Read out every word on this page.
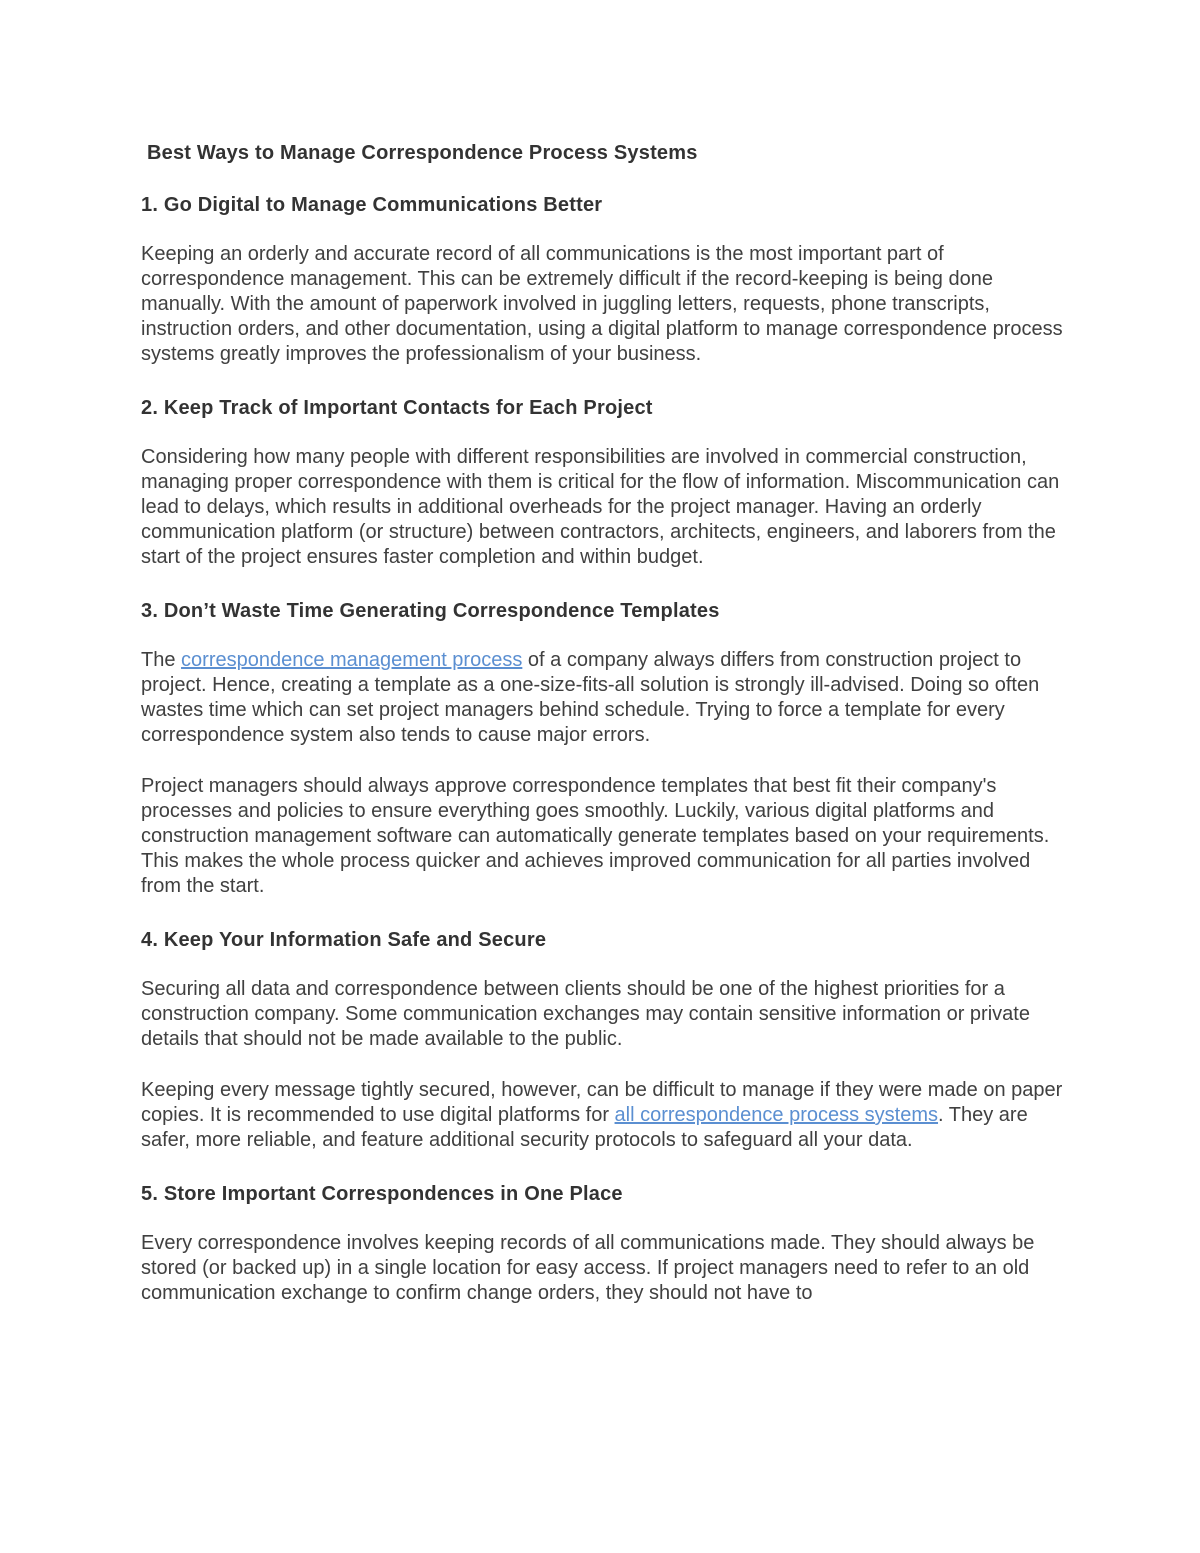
Best Ways to Manage Correspondence Process Systems
1. Go Digital to Manage Communications Better

Keeping an orderly and accurate record of all communications is the most important part of correspondence management. This can be extremely difficult if the record-keeping is being done manually. With the amount of paperwork involved in juggling letters, requests, phone transcripts, instruction orders, and other documentation, using a digital platform to manage correspondence process systems greatly improves the professionalism of your business.

2. Keep Track of Important Contacts for Each Project

Considering how many people with different responsibilities are involved in commercial construction, managing proper correspondence with them is critical for the flow of information. Miscommunication can lead to delays, which results in additional overheads for the project manager. Having an orderly communication platform (or structure) between contractors, architects, engineers, and laborers from the start of the project ensures faster completion and within budget.

3. Don’t Waste Time Generating Correspondence Templates

The correspondence management process of a company always differs from construction project to project. Hence, creating a template as a one-size-fits-all solution is strongly ill-advised. Doing so often wastes time which can set project managers behind schedule. Trying to force a template for every correspondence system also tends to cause major errors.

Project managers should always approve correspondence templates that best fit their company's processes and policies to ensure everything goes smoothly. Luckily, various digital platforms and construction management software can automatically generate templates based on your requirements. This makes the whole process quicker and achieves improved communication for all parties involved from the start.

4. Keep Your Information Safe and Secure

Securing all data and correspondence between clients should be one of the highest priorities for a construction company. Some communication exchanges may contain sensitive information or private details that should not be made available to the public.

Keeping every message tightly secured, however, can be difficult to manage if they were made on paper copies. It is recommended to use digital platforms for all correspondence process systems. They are safer, more reliable, and feature additional security protocols to safeguard all your data.

5. Store Important Correspondences in One Place

Every correspondence involves keeping records of all communications made. They should always be stored (or backed up) in a single location for easy access. If project managers need to refer to an old communication exchange to confirm change orders, they should not have to
